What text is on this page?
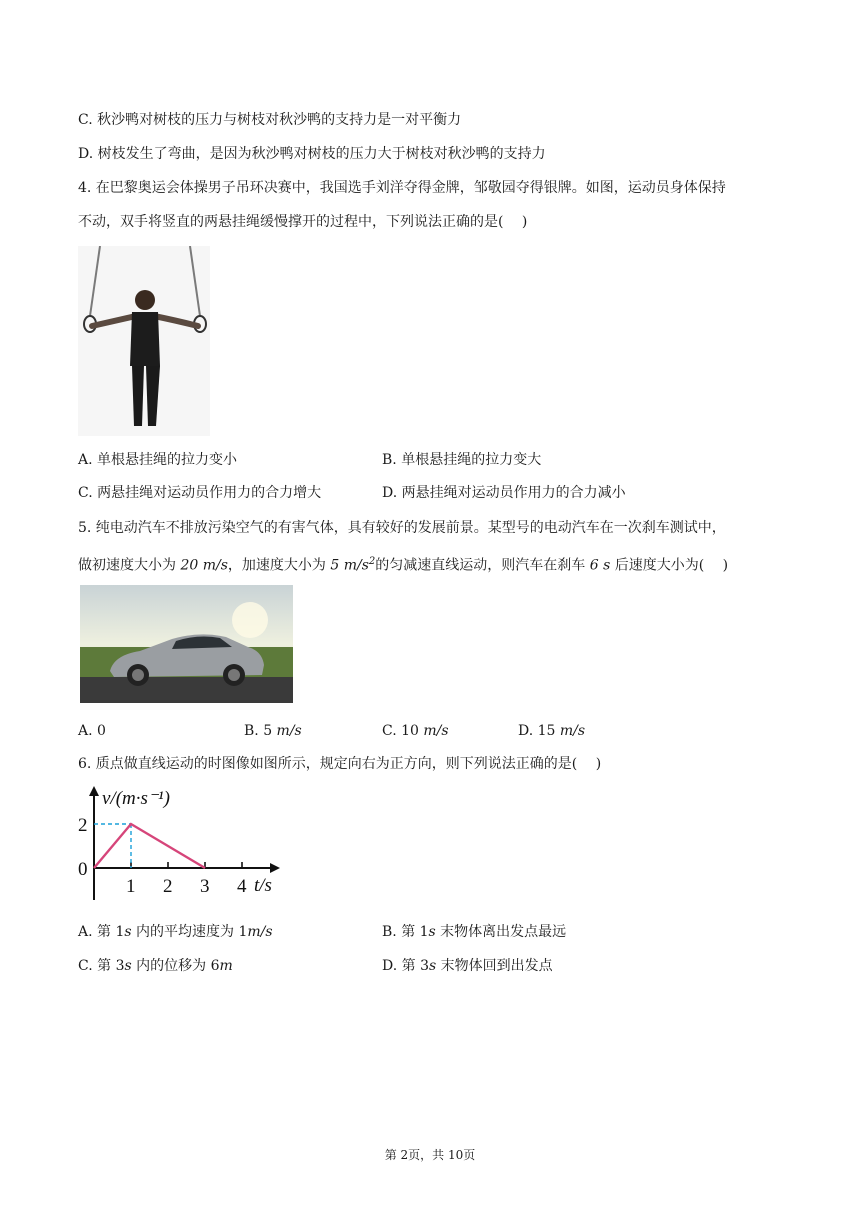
C. 秋沙鸭对树枝的压力与树枝对秋沙鸭的支持力是一对平衡力
D. 树枝发生了弯曲，是因为秋沙鸭对树枝的压力大于树枝对秋沙鸭的支持力
4. 在巴黎奥运会体操男子吊环决赛中，我国选手刘洋夺得金牌，邹敬园夺得银牌。如图，运动员身体保持
不动，双手将竖直的两悬挂绳缓慢撑开的过程中，下列说法正确的是(　 )
A. 单根悬挂绳的拉力变小	B. 单根悬挂绳的拉力变大
C. 两悬挂绳对运动员作用力的合力增大	D. 两悬挂绳对运动员作用力的合力减小
5. 纯电动汽车不排放污染空气的有害气体，具有较好的发展前景。某型号的电动汽车在一次刹车测试中，
做初速度大小为 20 m/s，加速度大小为 5 $m/s^2$的匀减速直线运动，则汽车在刹车 6 s 后速度大小为(　 )
A. 0	B. 5 m/s	C. 10 m/s	D. 15 m/s
6. 质点做直线运动的时图像如图所示，规定向右为正方向，则下列说法正确的是(　 )
v/(m·s⁻¹)
t/s
0
1 2 3 4
2
A. 第 1s 内的平均速度为 1m/s	B. 第 1s 末物体离出发点最远
C. 第 3s 内的位移为 6m	D. 第 3s 末物体回到出发点
第 2页，共 10页
